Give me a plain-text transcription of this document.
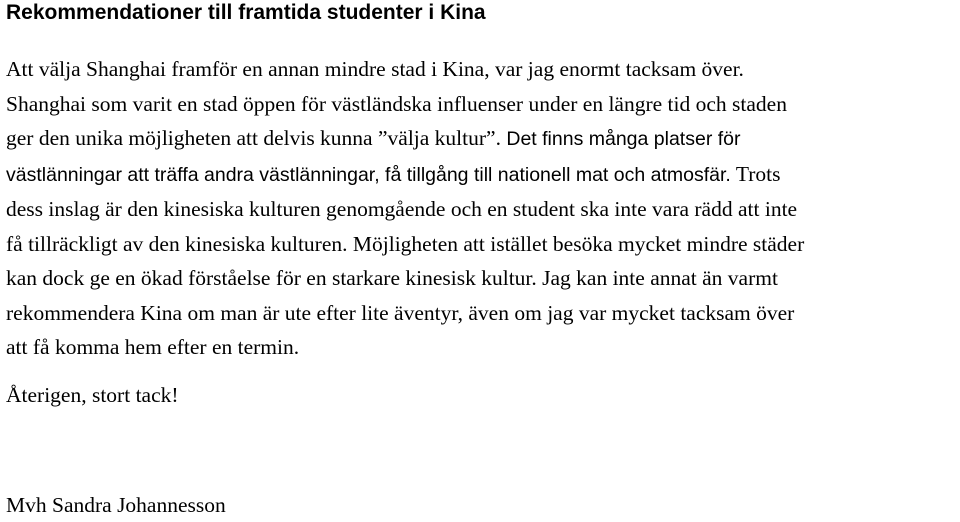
Rekommendationer till framtida studenter i Kina
Att välja Shanghai framför en annan mindre stad i Kina, var jag enormt tacksam över.
Shanghai som varit en stad öppen för västländska influenser under en längre tid och staden
ger den unika möjligheten att delvis kunna ”välja kultur”. Det finns många platser för
västlänningar att träffa andra västlänningar, få tillgång till nationell mat och atmosfär. Trots
dess inslag är den kinesiska kulturen genomgående och en student ska inte vara rädd att inte
få tillräckligt av den kinesiska kulturen. Möjligheten att istället besöka mycket mindre städer
kan dock ge en ökad förståelse för en starkare kinesisk kultur. Jag kan inte annat än varmt
rekommendera Kina om man är ute efter lite äventyr, även om jag var mycket tacksam över
att få komma hem efter en termin.
Återigen, stort tack!
Mvh Sandra Johannesson
